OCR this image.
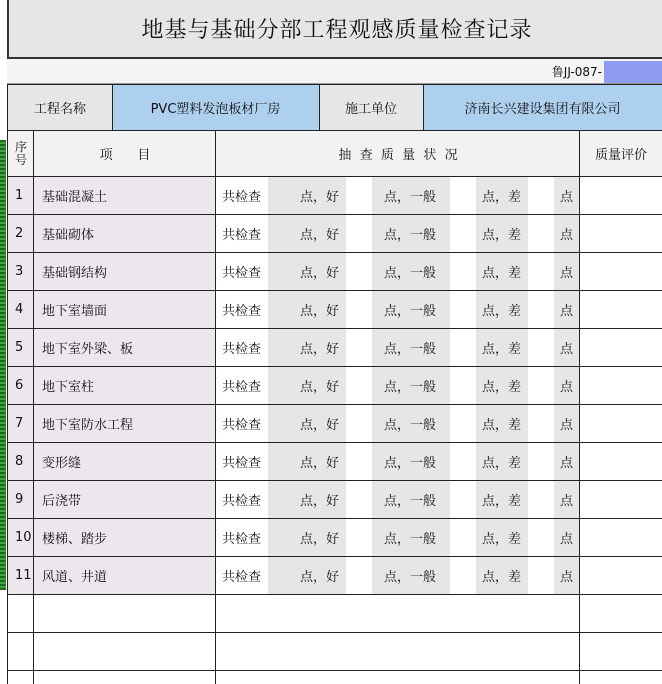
地基与基础分部工程观感质量检查记录
鲁JJ-087-
工程名称	PVC塑料发泡板材厂房	施工单位	济南长兴建设集团有限公司
序号	项      目	抽  查  质  量  状  况	质量评价
1	基础混凝土	共检查	点，好	点，一般	点，差	点
2	基础砌体	共检查	点，好	点，一般	点，差	点
3	基础钢结构	共检查	点，好	点，一般	点，差	点
4	地下室墙面	共检查	点，好	点，一般	点，差	点
5	地下室外梁、板	共检查	点，好	点，一般	点，差	点
6	地下室柱	共检查	点，好	点，一般	点，差	点
7	地下室防水工程	共检查	点，好	点，一般	点，差	点
8	变形缝	共检查	点，好	点，一般	点，差	点
9	后浇带	共检查	点，好	点，一般	点，差	点
10 楼梯、踏步	共检查	点，好	点，一般	点，差	点
11 风道、井道	共检查	点，好	点，一般	点，差	点
